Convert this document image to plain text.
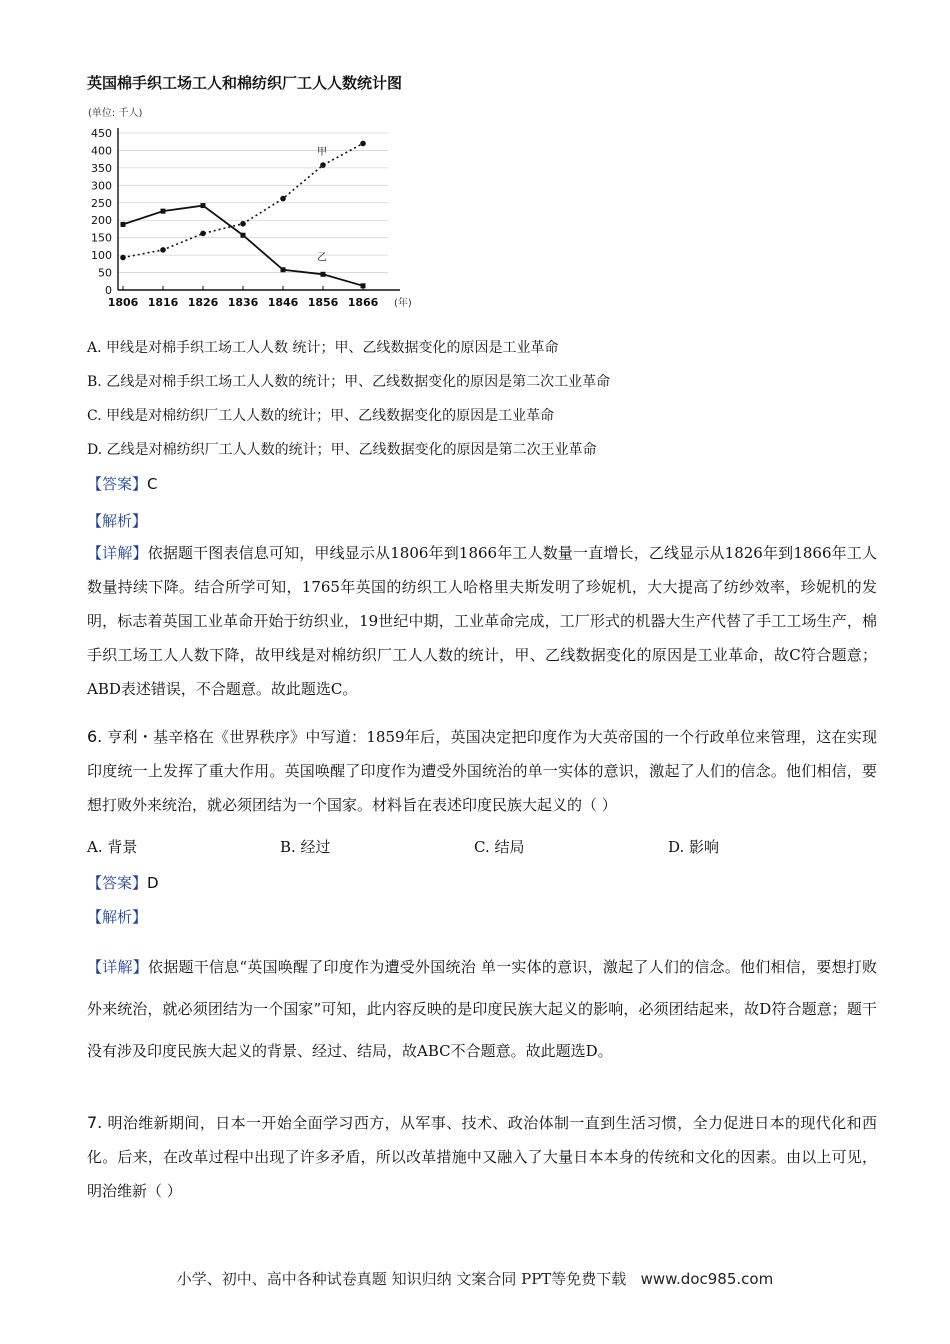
英国棉手织工场工人和棉纺织厂工人人数统计图
(单位: 千人)
0
50
100
150
200
250
300
350
400
450
1806 1816 1826 1836 1846 1856 1866 (年)
甲
乙
A. 甲线是对棉手织工场工人人数 统计；甲、乙线数据变化的原因是工业革命
B. 乙线是对棉手织工场工人人数的统计；甲、乙线数据变化的原因是第二次工业革命
C. 甲线是对棉纺织厂工人人数的统计；甲、乙线数据变化的原因是工业革命
D. 乙线是对棉纺织厂工人人数的统计；甲、乙线数据变化的原因是第二次王业革命
【答案】C
【解析】
【详解】依据题干图表信息可知，甲线显示从1806年到1866年工人数量一直增长，乙线显示从1826年到1866年工人数量持续下降。结合所学可知，1765年英国的纺织工人哈格里夫斯发明了珍妮机，大大提高了纺纱效率，珍妮机的发明，标志着英国工业革命开始于纺织业，19世纪中期，工业革命完成，工厂形式的机器大生产代替了手工工场生产，棉手织工场工人人数下降，故甲线是对棉纺织厂工人人数的统计，甲、乙线数据变化的原因是工业革命，故C符合题意；ABD表述错误，不合题意。故此题选C。
6. 亨利・基辛格在《世界秩序》中写道：1859年后，英国决定把印度作为大英帝国的一个行政单位来管理，这在实现印度统一上发挥了重大作用。英国唤醒了印度作为遭受外国统治的单一实体的意识，激起了人们的信念。他们相信，要想打败外来统治，就必须团结为一个国家。材料旨在表述印度民族大起义的（ ）
A. 背景	B. 经过	C. 结局	D. 影响
【答案】D
【解析】
【详解】依据题干信息“英国唤醒了印度作为遭受外国统治 单一实体的意识，激起了人们的信念。他们相信，要想打败外来统治，就必须团结为一个国家”可知，此内容反映的是印度民族大起义的影响，必须团结起来，故D符合题意；题干没有涉及印度民族大起义的背景、经过、结局，故ABC不合题意。故此题选D。
7. 明治维新期间，日本一开始全面学习西方，从军事、技术、政治体制一直到生活习惯，全力促进日本的现代化和西化。后来，在改革过程中出现了许多矛盾，所以改革措施中又融入了大量日本本身的传统和文化的因素。由以上可见，明治维新（ ）
小学、初中、高中各种试卷真题 知识归纳 文案合同 PPT等免费下载 www.doc985.com
